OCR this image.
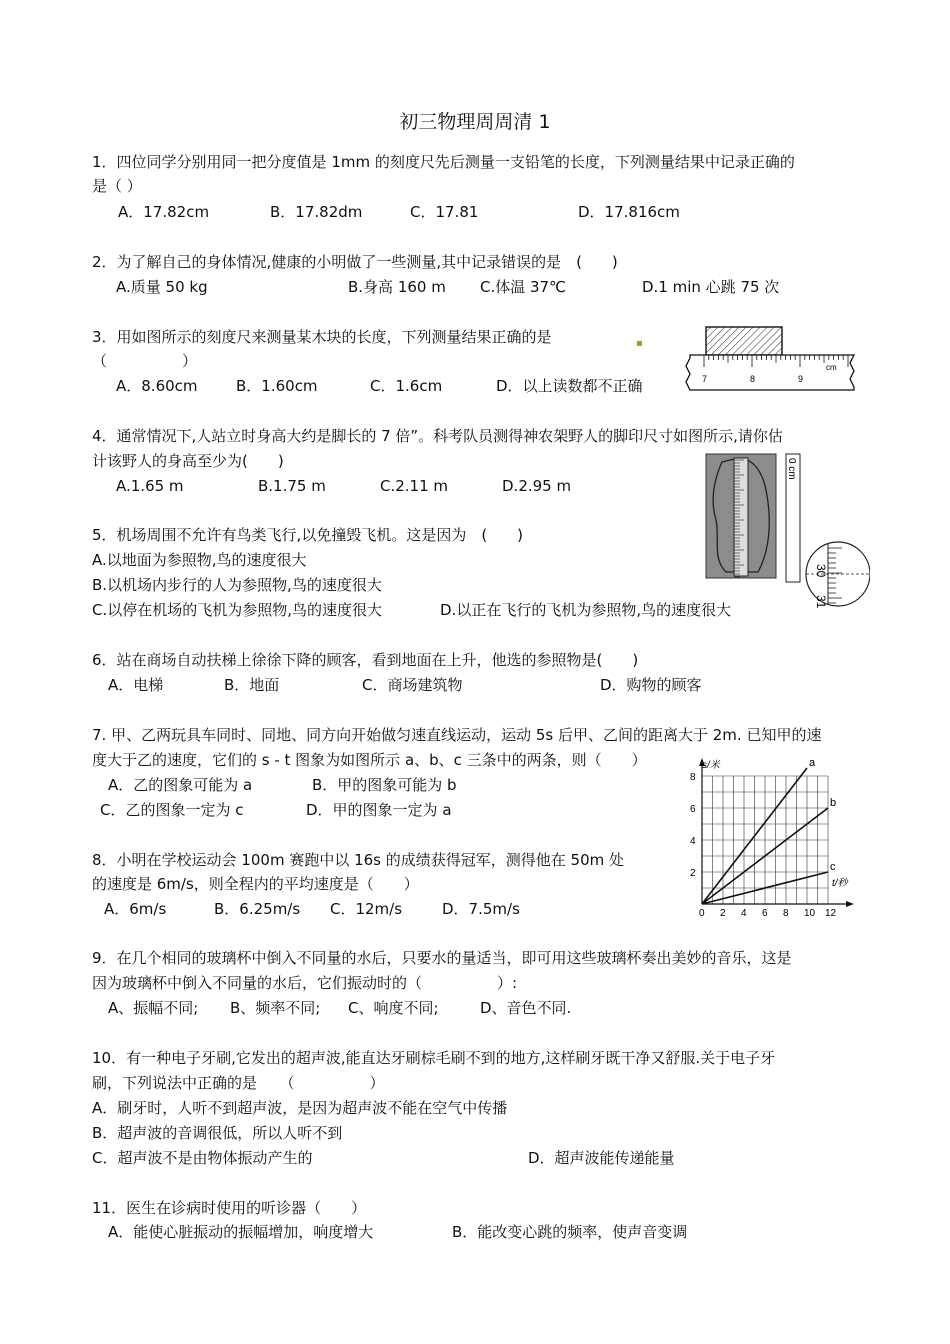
初三物理周周清 1
1．四位同学分别用同一把分度值是 1mm 的刻度尺先后测量一支铅笔的长度，下列测量结果中记录正确的
是（ ）
A．17.82cm	B．17.82dm	C．17.81	D．17.816cm
2．为了解自己的身体情况,健康的小明做了一些测量,其中记录错误的是　(　　)
A.质量 50 kg	B.身高 160 m C.体温 37℃	D.1 min 心跳 75 次
3．用如图所示的刻度尺来测量某木块的长度，下列测量结果正确的是
（　　　　　）
A．8.60cm	B．1.60cm	C．1.6cm	D．以上读数都不正确	7	8	9
cm
▪
4．通常情况下,人站立时身高大约是脚长的 7 倍”。科考队员测得神农架野人的脚印尺寸如图所示,请你估
计该野人的身高至少为(　　)
A.1.65 m	B.1.75 m	C.2.11 m	D.2.95 m
0 cm
30
31
5．机场周围不允许有鸟类飞行,以免撞毁飞机。这是因为　(　　)
A.以地面为参照物,鸟的速度很大
B.以机场内步行的人为参照物,鸟的速度很大
C.以停在机场的飞机为参照物,鸟的速度很大	D.以正在飞行的飞机为参照物,鸟的速度很大
6．站在商场自动扶梯上徐徐下降的顾客，看到地面在上升，他选的参照物是(　　)
A．电梯	B．地面	C．商场建筑物	D．购物的顾客
7. 甲、乙两玩具车同时、同地、同方向开始做匀速直线运动，运动 5s 后甲、乙间的距离大于 2m. 已知甲的速
度大于乙的速度，它们的 s - t 图象为如图所示 a、b、c 三条中的两条，则（　　）
A．乙的图象可能为 a	B．甲的图象可能为 b
C．乙的图象一定为 c	D．甲的图象一定为 a
0 2 4 6 8 10 12
2
4
6
8
a
b
c
s/米
t/秒
8．小明在学校运动会 100m 赛跑中以 16s 的成绩获得冠军，测得他在 50m 处
的速度是 6m/s，则全程内的平均速度是（　　）
A．6m/s	B．6.25m/s C．12m/s	D．7.5m/s
9．在几个相同的玻璃杯中倒入不同量的水后，只要水的量适当，即可用这些玻璃杯奏出美妙的音乐，这是
因为玻璃杯中倒入不同量的水后，它们振动时的（　　　　　）:
A、振幅不同; B、频率不同; C、响度不同;	D、音色不同.
10．有一种电子牙刷,它发出的超声波,能直达牙刷棕毛刷不到的地方,这样刷牙既干净又舒服.关于电子牙
刷，下列说法中正确的是　　（　　　　　）
A．刷牙时，人听不到超声波，是因为超声波不能在空气中传播
B．超声波的音调很低，所以人听不到
C．超声波不是由物体振动产生的	D．超声波能传递能量
11．医生在诊病时使用的听诊器（　　）
A．能使心脏振动的振幅增加，响度增大	B．能改变心跳的频率，使声音变调
